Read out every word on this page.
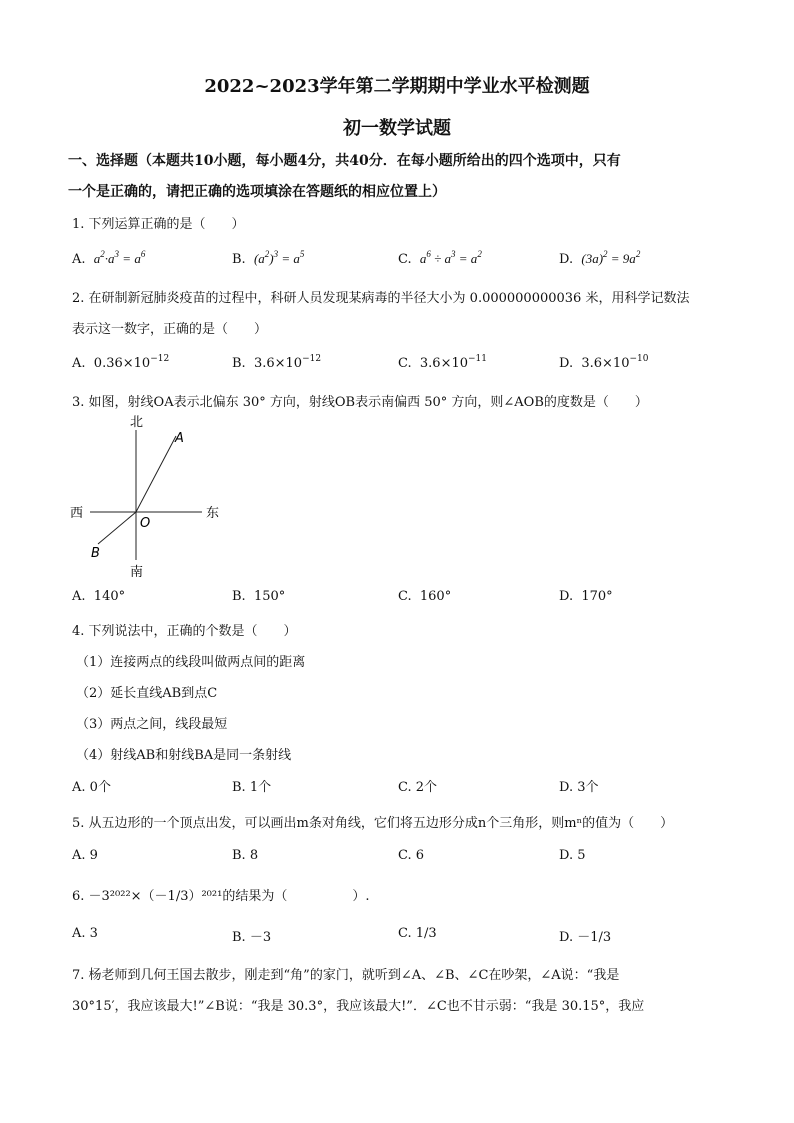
2022~2023学年第二学期期中学业水平检测题
初一数学试题
一、选择题（本题共10小题，每小题4分，共40分．在每小题所给出的四个选项中，只有
一个是正确的，请把正确的选项填涂在答题纸的相应位置上）
1. 下列运算正确的是（　　）
A. $a^2\cdot a^3 = a^6$	B. $(a^2)^3 = a^5$	C. $a^6 \div a^3 = a^2$	D. $(3a)^2 = 9a^2$
2. 在研制新冠肺炎疫苗的过程中，科研人员发现某病毒的半径大小为 0.000000000036 米，用科学记数法
表示这一数字，正确的是（　　）
A. $0.36\times 10^{-12}$	B. $3.6\times 10^{-12}$	C. $3.6\times 10^{-11}$	D. $3.6\times 10^{-10}$
3. 如图，射线OA表示北偏东 30° 方向，射线OB表示南偏西 50° 方向，则∠AOB的度数是（　　）
北
南
西	东
A
B
O
A. 140°	B. 150°	C. 160°	D. 170°
4. 下列说法中，正确的个数是（　　）
（1）连接两点的线段叫做两点间的距离
（2）延长直线AB到点C
（3）两点之间，线段最短
（4）射线AB和射线BA是同一条射线
A. 0个	B. 1个	C. 2个	D. 3个
5. 从五边形的一个顶点出发，可以画出m条对角线，它们将五边形分成n个三角形，则mⁿ的值为（　　）
A. 9	B. 8	C. 6	D. 5
6. －3²⁰²²×（－1/3）²⁰²¹的结果为（　　　　　）.
A. 3	B. －3	C. 1/3	D. －1/3
7. 杨老师到几何王国去散步，刚走到“角”的家门，就听到∠A、∠B、∠C在吵架，∠A说：“我是
30°15′，我应该最大!”∠B说：“我是 30.3°，我应该最大!”．∠C也不甘示弱：“我是 30.15°，我应
